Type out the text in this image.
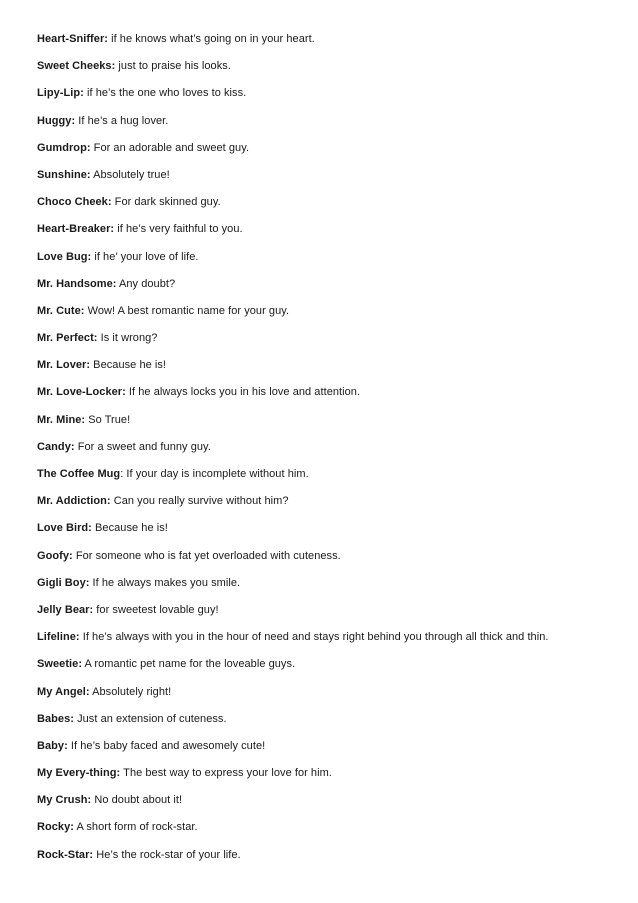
Heart-Sniffer: if he knows what’s going on in your heart.
Sweet Cheeks: just to praise his looks.
Lipy-Lip: if he’s the one who loves to kiss.
Huggy: If he’s a hug lover.
Gumdrop: For an adorable and sweet guy.
Sunshine: Absolutely true!
Choco Cheek: For dark skinned guy.
Heart-Breaker: if he’s very faithful to you.
Love Bug: if he’ your love of life.
Mr. Handsome: Any doubt?
Mr. Cute: Wow! A best romantic name for your guy.
Mr. Perfect: Is it wrong?
Mr. Lover: Because he is!
Mr. Love-Locker: If he always locks you in his love and attention.
Mr. Mine: So True!
Candy: For a sweet and funny guy.
The Coffee Mug: If your day is incomplete without him.
Mr. Addiction: Can you really survive without him?
Love Bird: Because he is!
Goofy: For someone who is fat yet overloaded with cuteness.
Gigli Boy: If he always makes you smile.
Jelly Bear: for sweetest lovable guy!
Lifeline: If he’s always with you in the hour of need and stays right behind you through all thick and thin.
Sweetie: A romantic pet name for the loveable guys.
My Angel: Absolutely right!
Babes: Just an extension of cuteness.
Baby: If he’s baby faced and awesomely cute!
My Every-thing: The best way to express your love for him.
My Crush: No doubt about it!
Rocky: A short form of rock-star.
Rock-Star: He’s the rock-star of your life.
